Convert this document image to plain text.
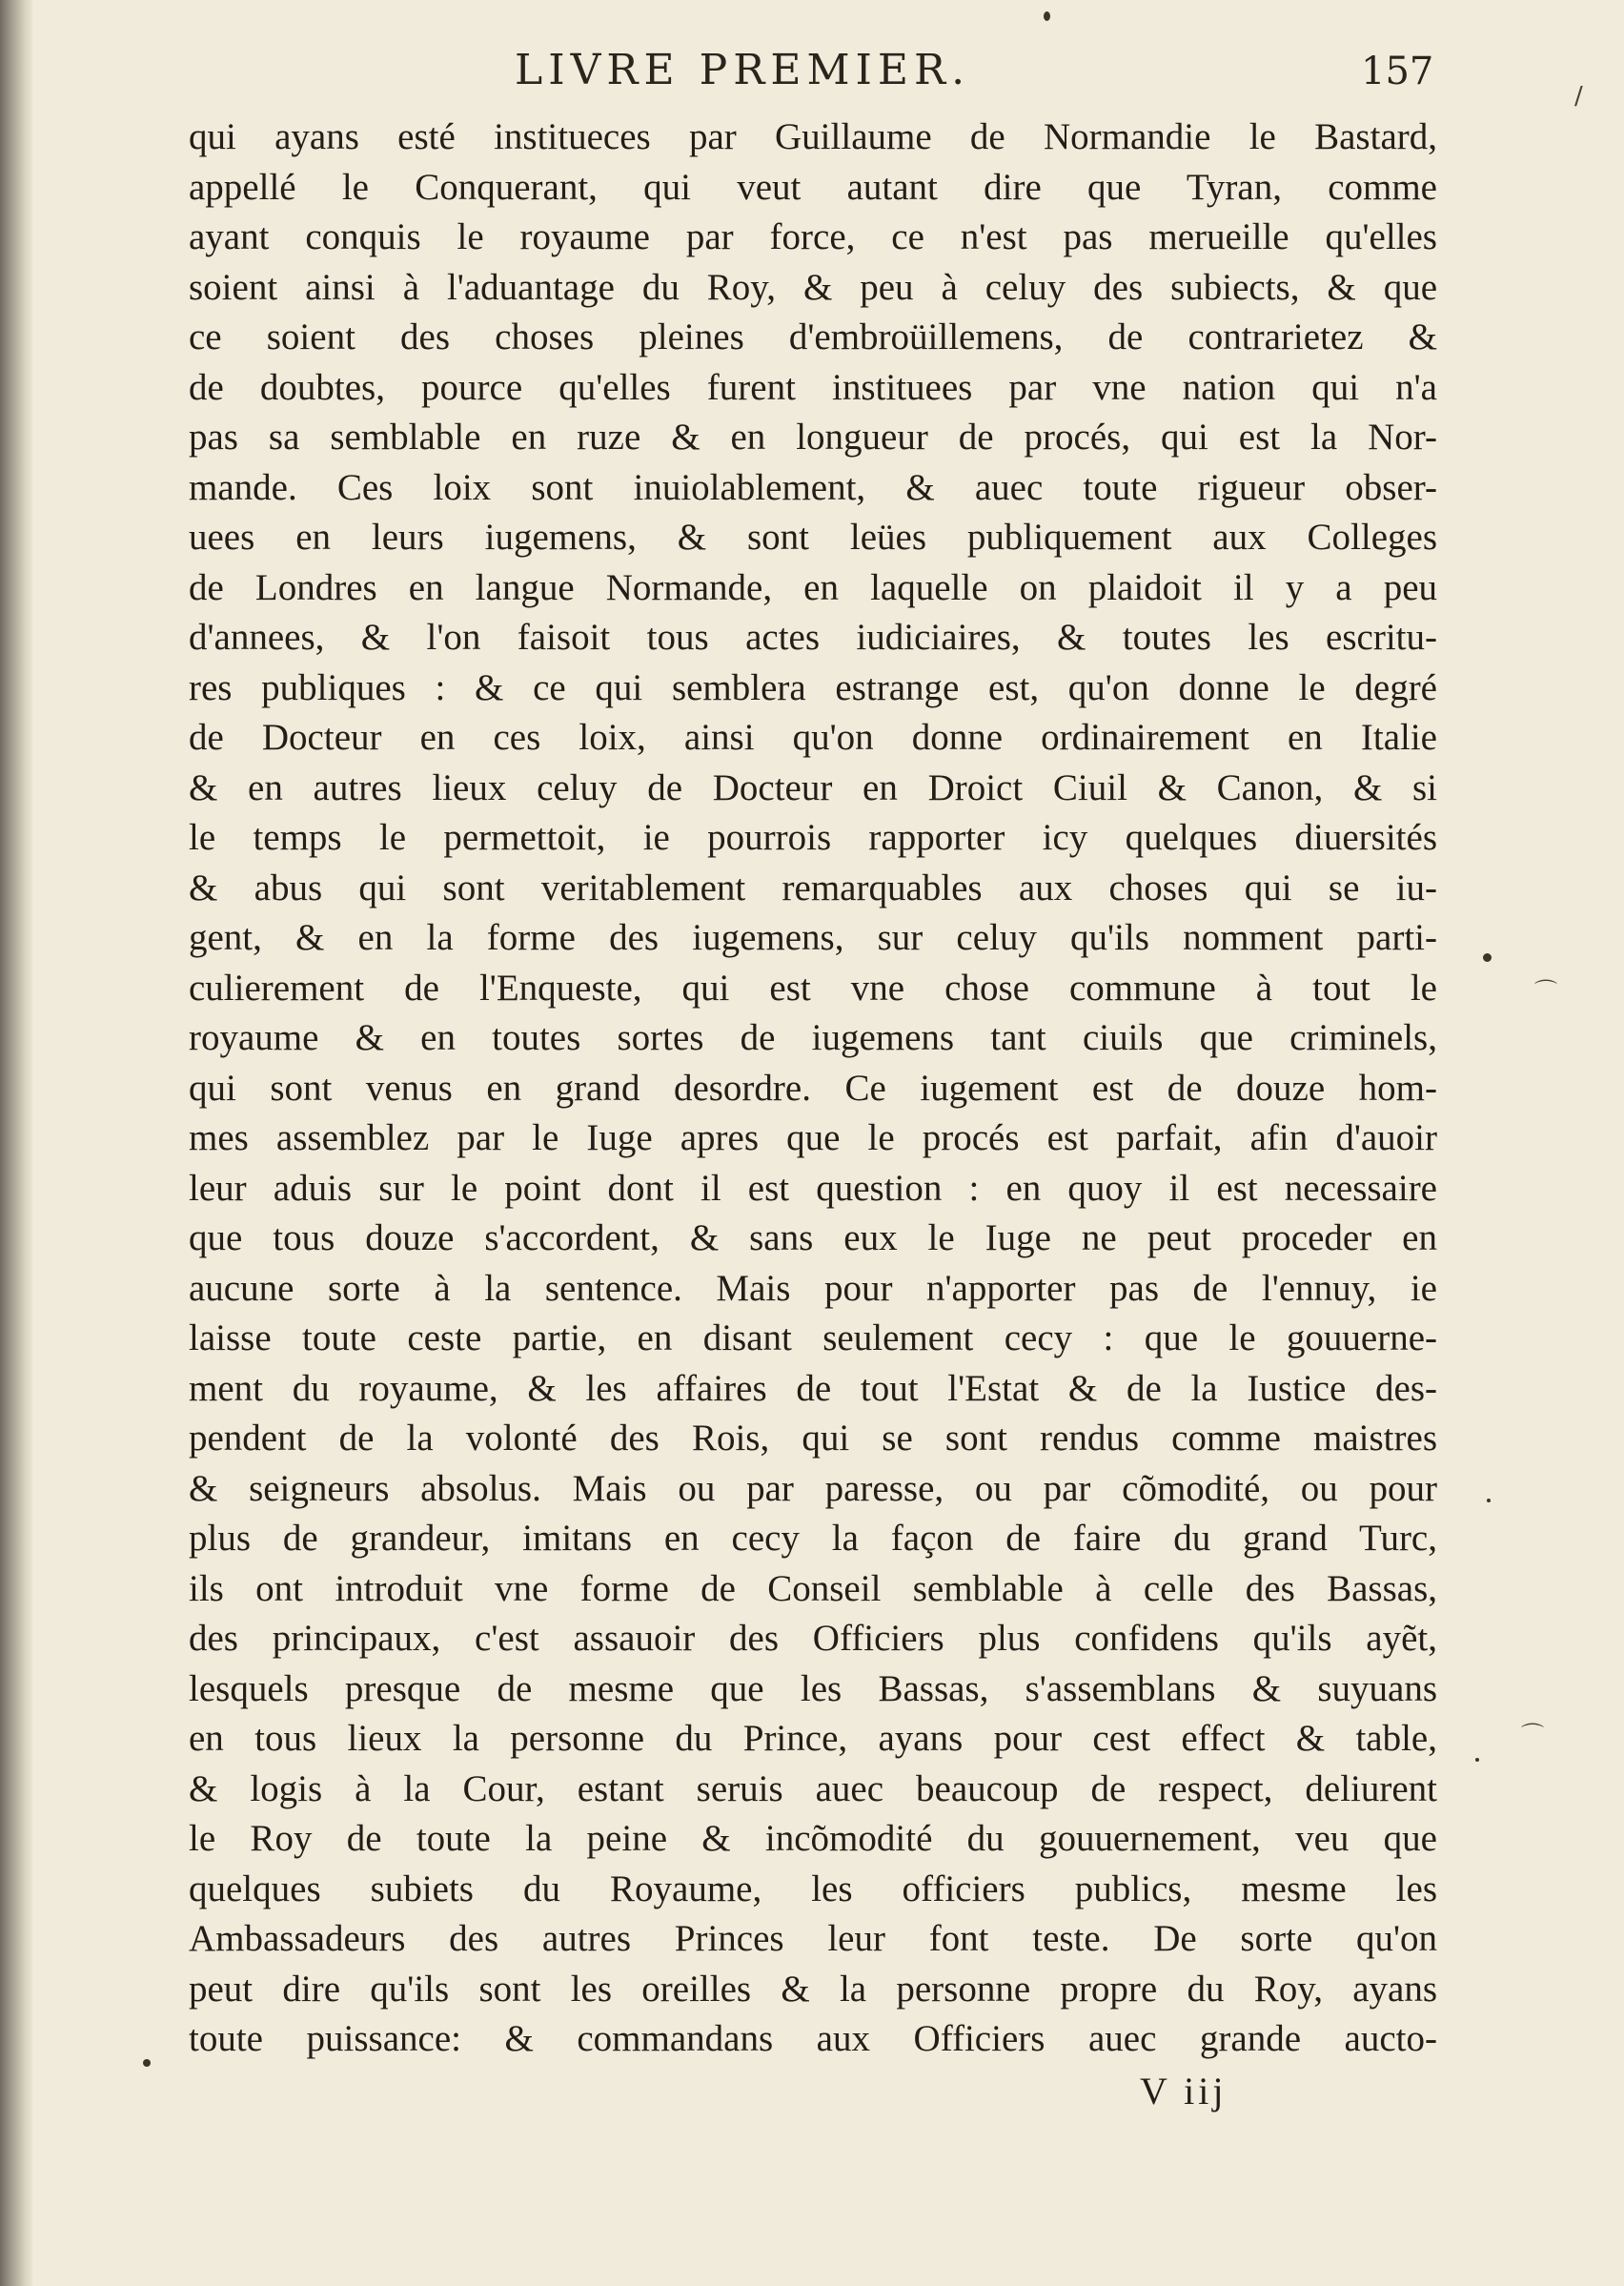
LIVRE PREMIER.	157
qui ayans esté institueces par Guillaume de Normandie le Bastard,
appellé le Conquerant, qui veut autant dire que Tyran, comme
ayant conquis le royaume par force, ce n'est pas merueille qu'elles
soient ainsi à l'aduantage du Roy, & peu à celuy des subiects, & que
ce soient des choses pleines d'embroüillemens, de contrarietez &
de doubtes, pource qu'elles furent instituees par vne nation qui n'a
pas sa semblable en ruze & en longueur de procés, qui est la Nor-
mande. Ces loix sont inuiolablement, & auec toute rigueur obser-
uees en leurs iugemens, & sont leües publiquement aux Colleges
de Londres en langue Normande, en laquelle on plaidoit il y a peu
d'annees, & l'on faisoit tous actes iudiciaires, & toutes les escritu-
res publiques : & ce qui semblera estrange est, qu'on donne le degré
de Docteur en ces loix, ainsi qu'on donne ordinairement en Italie
& en autres lieux celuy de Docteur en Droict Ciuil & Canon, & si
le temps le permettoit, ie pourrois rapporter icy quelques diuersités
& abus qui sont veritablement remarquables aux choses qui se iu-
gent, & en la forme des iugemens, sur celuy qu'ils nomment parti-
culierement de l'Enqueste, qui est vne chose commune à tout le
royaume & en toutes sortes de iugemens tant ciuils que criminels,
qui sont venus en grand desordre. Ce iugement est de douze hom-
mes assemblez par le Iuge apres que le procés est parfait, afin d'auoir
leur aduis sur le point dont il est question : en quoy il est necessaire
que tous douze s'accordent, & sans eux le Iuge ne peut proceder en
aucune sorte à la sentence. Mais pour n'apporter pas de l'ennuy, ie
laisse toute ceste partie, en disant seulement cecy : que le gouuerne-
ment du royaume, & les affaires de tout l'Estat & de la Iustice des-
pendent de la volonté des Rois, qui se sont rendus comme maistres
& seigneurs absolus. Mais ou par paresse, ou par cõmodité, ou pour
plus de grandeur, imitans en cecy la façon de faire du grand Turc,
ils ont introduit vne forme de Conseil semblable à celle des Bassas,
des principaux, c'est assauoir des Officiers plus confidens qu'ils ayẽt,
lesquels presque de mesme que les Bassas, s'assemblans & suyuans
en tous lieux la personne du Prince, ayans pour cest effect & table,
& logis à la Cour, estant seruis auec beaucoup de respect, deliurent
le Roy de toute la peine & incõmodité du gouuernement, veu que
quelques subiets du Royaume, les officiers publics, mesme les
Ambassadeurs des autres Princes leur font teste. De sorte qu'on
peut dire qu'ils sont les oreilles & la personne propre du Roy, ayans
toute puissance: & commandans aux Officiers auec grande aucto-
V iij
/
⌒
⌒
